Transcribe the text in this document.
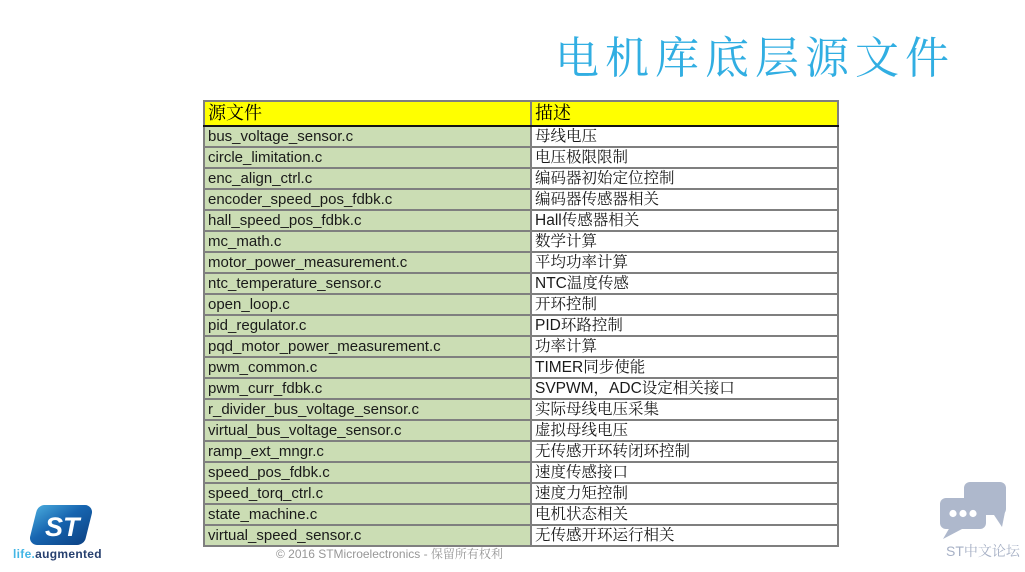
电机库底层源文件
源文件	描述
bus_voltage_sensor.c	母线电压
circle_limitation.c	电压极限限制
enc_align_ctrl.c	编码器初始定位控制
encoder_speed_pos_fdbk.c	编码器传感器相关
hall_speed_pos_fdbk.c	Hall传感器相关
mc_math.c	数学计算
motor_power_measurement.c	平均功率计算
ntc_temperature_sensor.c	NTC温度传感
open_loop.c	开环控制
pid_regulator.c	PID环路控制
pqd_motor_power_measurement.c	功率计算
pwm_common.c	TIMER同步使能
pwm_curr_fdbk.c	SVPWM，ADC设定相关接口
r_divider_bus_voltage_sensor.c	实际母线电压采集
virtual_bus_voltage_sensor.c	虚拟母线电压
ramp_ext_mngr.c	无传感开环转闭环控制
speed_pos_fdbk.c	速度传感接口
speed_torq_ctrl.c	速度力矩控制
state_machine.c	电机状态相关
virtual_speed_sensor.c	无传感开环运行相关
© 2016 STMicroelectronics - 保留所有权利
ST
life.augmented	ST中文论坛
